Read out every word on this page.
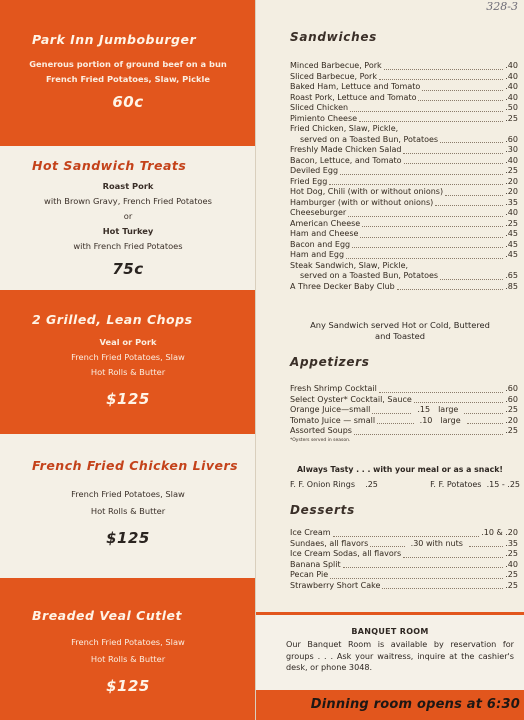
Park Inn Jumboburger
Generous portion of ground beef on a bun
French Fried Potatoes, Slaw, Pickle
60c
Hot Sandwich Treats
Roast Pork
with Brown Gravy, French Fried Potatoes
or
Hot Turkey
with French Fried Potatoes
75c
2 Grilled, Lean Chops
Veal or Pork
French Fried Potatoes, Slaw
Hot Rolls & Butter
$125
French Fried Chicken Livers
French Fried Potatoes, Slaw
Hot Rolls & Butter
$125
Breaded Veal Cutlet
French Fried Potatoes, Slaw
Hot Rolls & Butter
$125
328-3
Sandwiches
Minced Barbecue, Pork	.40
Sliced Barbecue, Pork	.40
Baked Ham, Lettuce and Tomato	.40
Roast Pork, Lettuce and Tomato	.40
Sliced Chicken	.50
Pimiento Cheese	.25
Fried Chicken, Slaw, Pickle,
served on a Toasted Bun, Potatoes	.60
Freshly Made Chicken Salad	.30
Bacon, Lettuce, and Tomato	.40
Deviled Egg	.25
Fried Egg	.20
Hot Dog, Chili (with or without onions)	.20
Hamburger (with or without onions)	.35
Cheeseburger	.40
American Cheese	.25
Ham and Cheese	.45
Bacon and Egg	.45
Ham and Egg	.45
Steak Sandwich, Slaw, Pickle,
served on a Toasted Bun, Potatoes	.65
A Three Decker Baby Club	.85
Any Sandwich served Hot or Cold, Buttered
and Toasted
Appetizers
Fresh Shrimp Cocktail	.60
Select Oyster* Cocktail, Sauce	.60
Orange Juice—small	.15	large	.25
Tomato Juice — small	.10	large	.20
Assorted Soups	.25
*Oysters served in season.
Always Tasty . . . with your meal or as a snack!
F. F. Onion Rings .25	F. F. Potatoes .15 - .25
Desserts
Ice Cream	.10 & .20
Sundaes, all flavors	.30 with nuts	.35
Ice Cream Sodas, all flavors	.25
Banana Split	.40
Pecan Pie	.25
Strawberry Short Cake	.25
BANQUET ROOM
Our Banquet Room is available by reservation for groups . . . Ask your waitress, inquire at the cashier's desk, or phone 3048.
Dinning room opens at 6:30
